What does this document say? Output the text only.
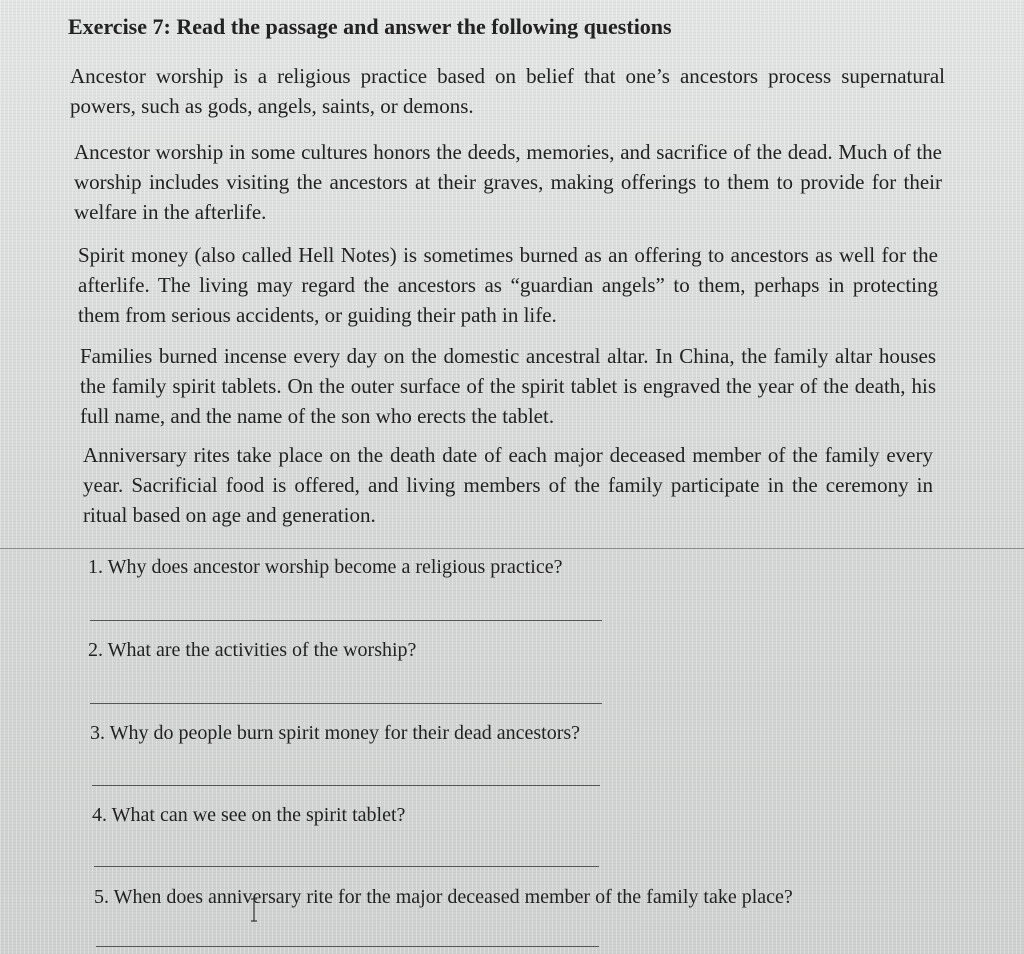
Exercise 7: Read the passage and answer the following questions

Ancestor worship is a religious practice based on belief that one’s ancestors process supernatural powers, such as gods, angels, saints, or demons.

Ancestor worship in some cultures honors the deeds, memories, and sacrifice of the dead. Much of the worship includes visiting the ancestors at their graves, making offerings to them to provide for their welfare in the afterlife.

Spirit money (also called Hell Notes) is sometimes burned as an offering to ancestors as well for the afterlife. The living may regard the ancestors as “guardian angels” to them, perhaps in protecting them from serious accidents, or guiding their path in life.

Families burned incense every day on the domestic ancestral altar. In China, the family altar houses the family spirit tablets. On the outer surface of the spirit tablet is engraved the year of the death, his full name, and the name of the son who erects the tablet.

Anniversary rites take place on the death date of each major deceased member of the family every year. Sacrificial food is offered, and living members of the family participate in the ceremony in ritual based on age and generation.

1. Why does ancestor worship become a religious practice?

2. What are the activities of the worship?

3. Why do people burn spirit money for their dead ancestors?

4. What can we see on the spirit tablet?

5. When does anniversary rite for the major deceased member of the family take place?
